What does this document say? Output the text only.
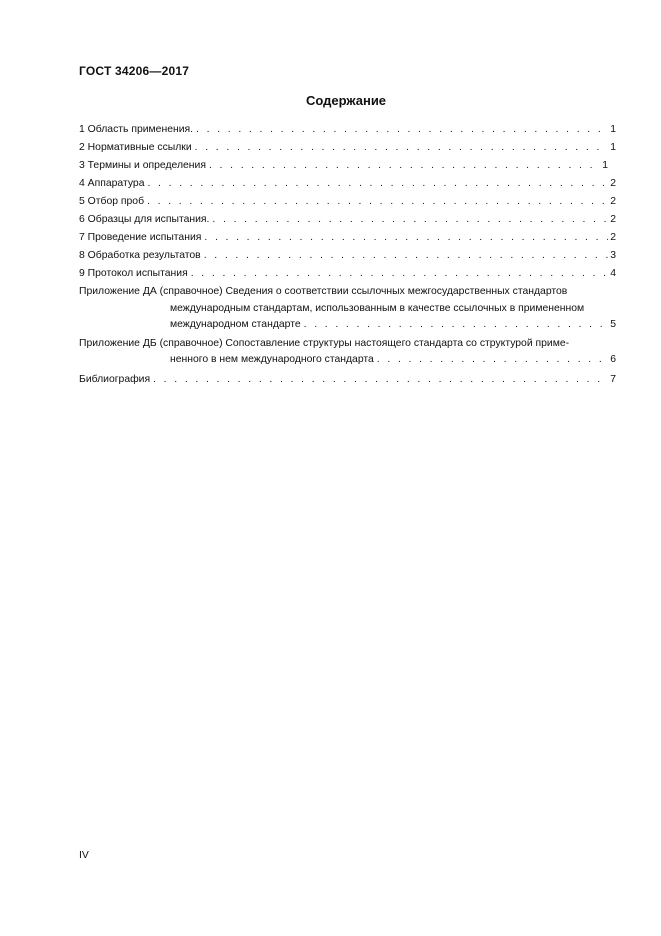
ГОСТ 34206—2017
Содержание
1 Область применения. . . .	1
2 Нормативные ссылки . . .	1
3 Термины и определения . . .	1
4 Аппаратура . . .	2
5 Отбор проб . . .	2
6 Образцы для испытания. . . .	2
7 Проведение испытания . . .	2
8 Обработка результатов . . .	3
9 Протокол испытания . . .	4
Приложение ДА (справочное) Сведения о соответствии ссылочных межгосударственных стандартов
международным стандартам, использованным в качестве ссылочных в примененном
международном стандарте . . .	5
Приложение ДБ (справочное) Сопоставление структуры настоящего стандарта со структурой приме-
ненного в нем международного стандарта . . .	6
Библиография . . .	7
IV
